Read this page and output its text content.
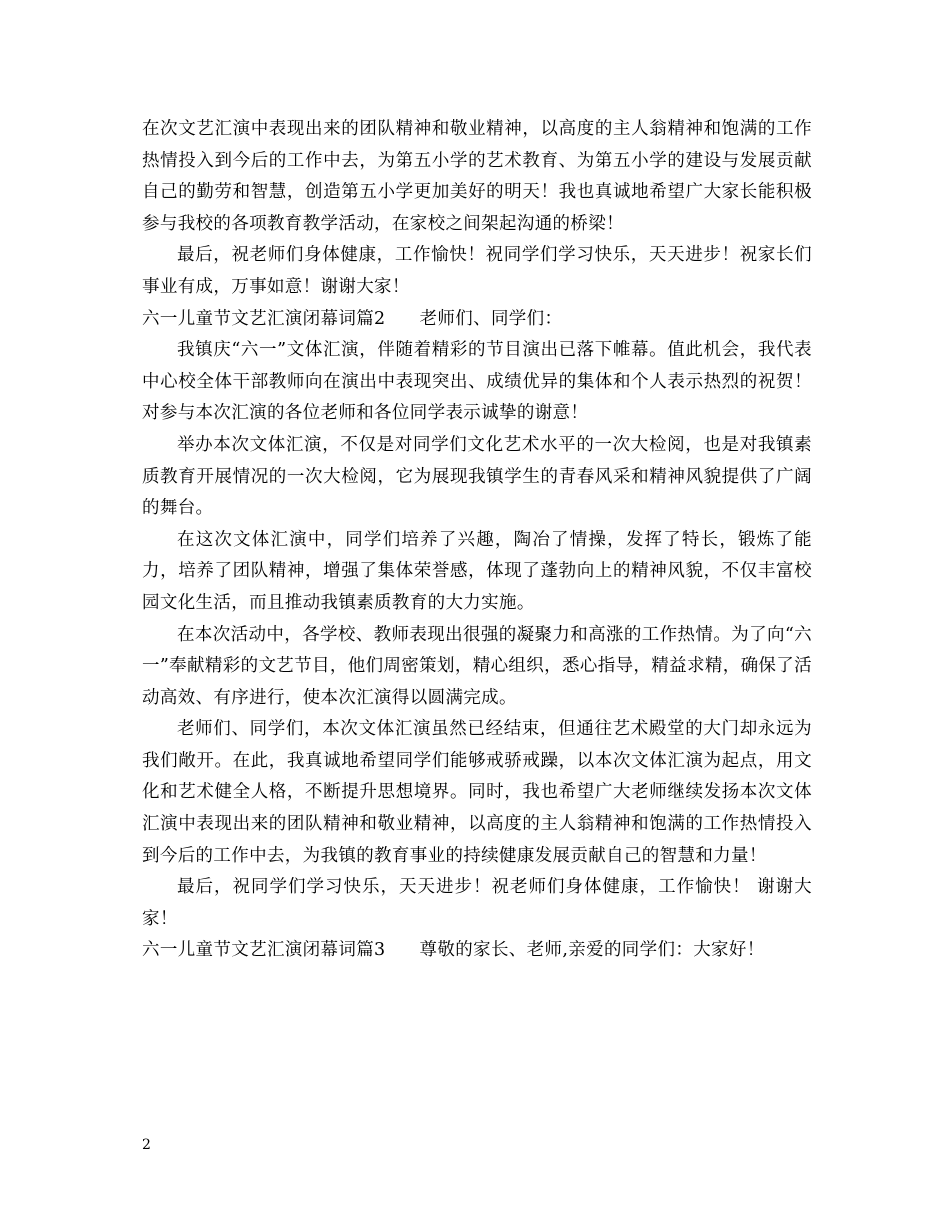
在次文艺汇演中表现出来的团队精神和敬业精神，以高度的主人翁精神和饱满的工作热情投入到今后的工作中去，为第五小学的艺术教育、为第五小学的建设与发展贡献自己的勤劳和智慧，创造第五小学更加美好的明天！我也真诚地希望广大家长能积极参与我校的各项教育教学活动，在家校之间架起沟通的桥梁！

最后，祝老师们身体健康，工作愉快！祝同学们学习快乐，天天进步！祝家长们事业有成，万事如意！谢谢大家！

六一儿童节文艺汇演闭幕词篇2 老师们、同学们：

我镇庆“六一”文体汇演，伴随着精彩的节目演出已落下帷幕。值此机会，我代表中心校全体干部教师向在演出中表现突出、成绩优异的集体和个人表示热烈的祝贺！对参与本次汇演的各位老师和各位同学表示诚挚的谢意！

举办本次文体汇演，不仅是对同学们文化艺术水平的一次大检阅，也是对我镇素质教育开展情况的一次大检阅，它为展现我镇学生的青春风采和精神风貌提供了广阔的舞台。

在这次文体汇演中，同学们培养了兴趣，陶冶了情操，发挥了特长，锻炼了能力，培养了团队精神，增强了集体荣誉感，体现了蓬勃向上的精神风貌，不仅丰富校园文化生活，而且推动我镇素质教育的大力实施。

在本次活动中，各学校、教师表现出很强的凝聚力和高涨的工作热情。为了向“六一”奉献精彩的文艺节目，他们周密策划，精心组织，悉心指导，精益求精，确保了活动高效、有序进行，使本次汇演得以圆满完成。

老师们、同学们，本次文体汇演虽然已经结束，但通往艺术殿堂的大门却永远为我们敞开。在此，我真诚地希望同学们能够戒骄戒躁，以本次文体汇演为起点，用文化和艺术健全人格，不断提升思想境界。同时，我也希望广大老师继续发扬本次文体汇演中表现出来的团队精神和敬业精神，以高度的主人翁精神和饱满的工作热情投入到今后的工作中去，为我镇的教育事业的持续健康发展贡献自己的智慧和力量！

最后，祝同学们学习快乐，天天进步！祝老师们身体健康，工作愉快！ 谢谢大家！

六一儿童节文艺汇演闭幕词篇3 尊敬的家长、老师,亲爱的同学们：大家好！

2
